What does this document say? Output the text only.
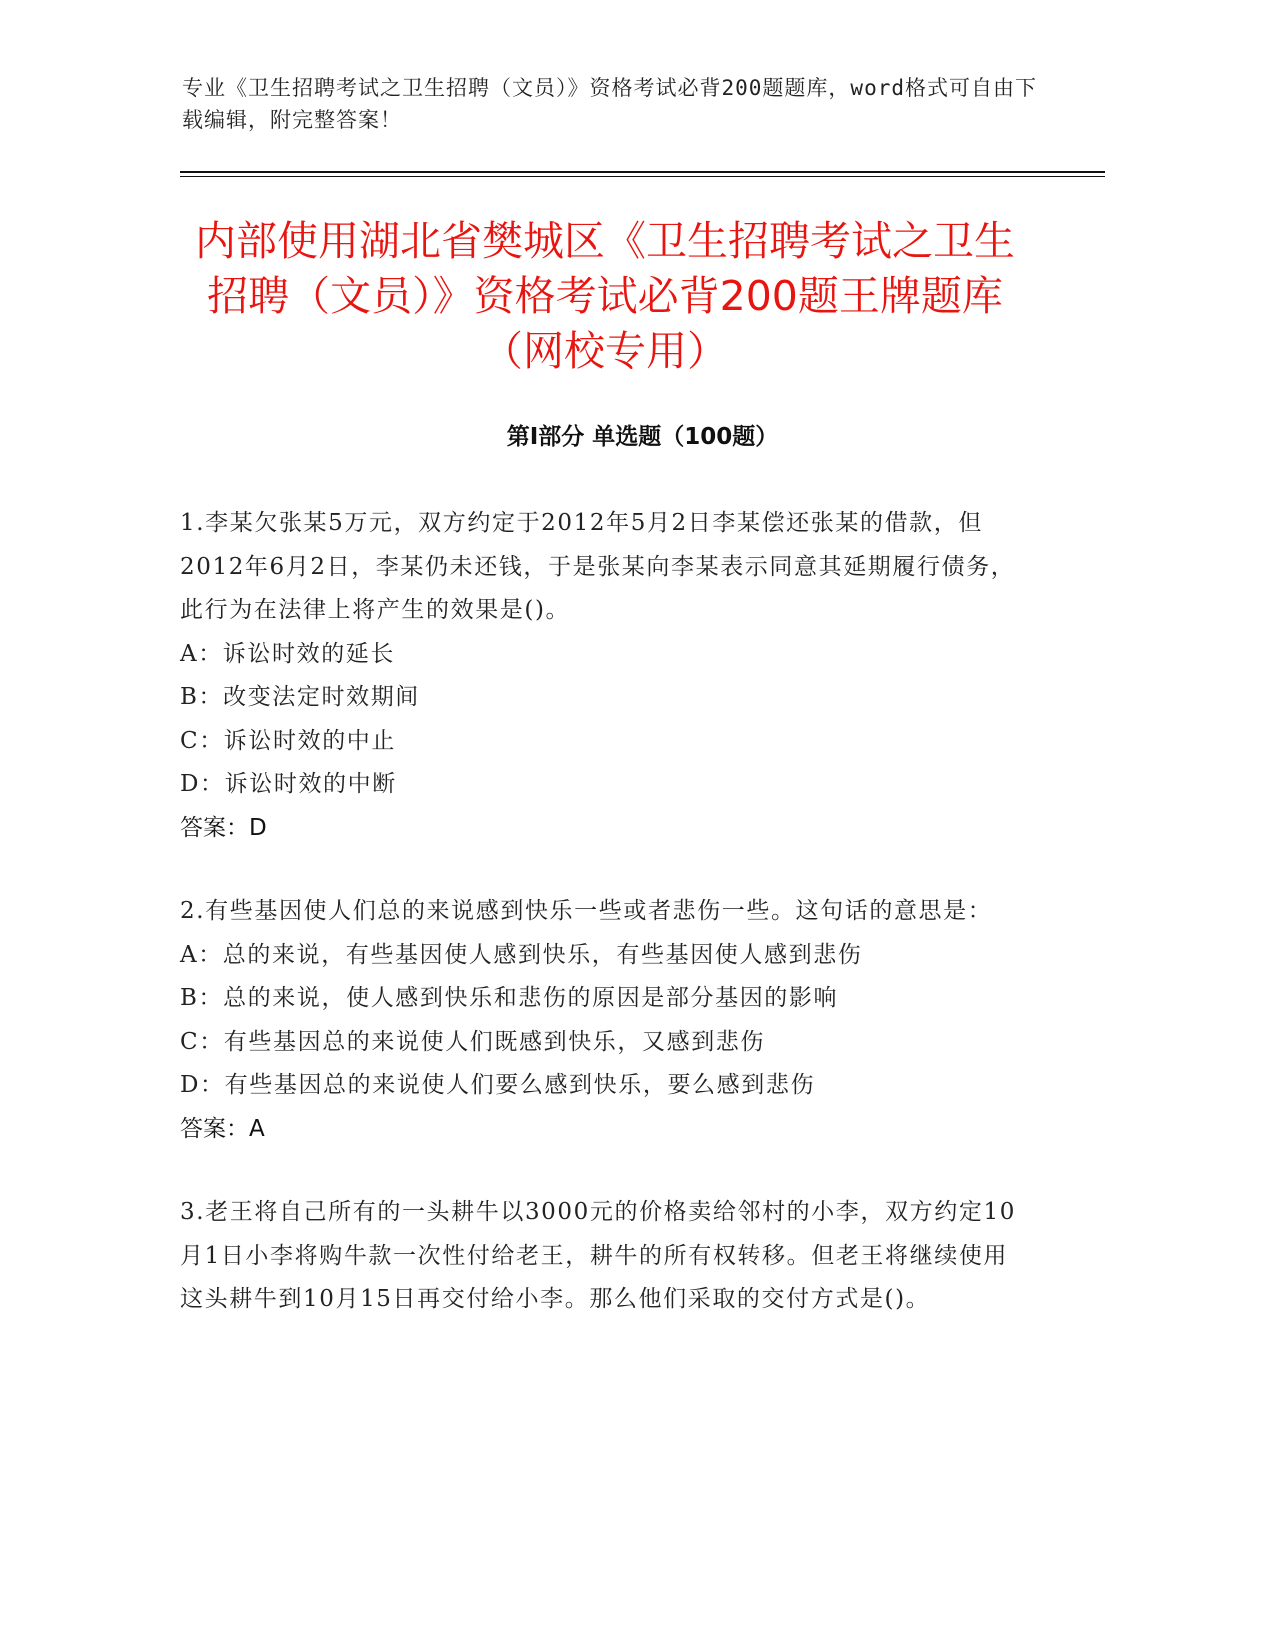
专业《卫生招聘考试之卫生招聘（文员）》资格考试必背200题题库，word格式可自由下载编辑，附完整答案！
内部使用湖北省樊城区《卫生招聘考试之卫生招聘（文员）》资格考试必背200题王牌题库（网校专用）
第Ⅰ部分 单选题（100题）
1.李某欠张某5万元，双方约定于2012年5月2日李某偿还张某的借款，但2012年6月2日，李某仍未还钱，于是张某向李某表示同意其延期履行债务，此行为在法律上将产生的效果是()。
A：诉讼时效的延长
B：改变法定时效期间
C：诉讼时效的中止
D：诉讼时效的中断
答案：D
2.有些基因使人们总的来说感到快乐一些或者悲伤一些。这句话的意思是：
A：总的来说，有些基因使人感到快乐，有些基因使人感到悲伤
B：总的来说，使人感到快乐和悲伤的原因是部分基因的影响
C：有些基因总的来说使人们既感到快乐，又感到悲伤
D：有些基因总的来说使人们要么感到快乐，要么感到悲伤
答案：A
3.老王将自己所有的一头耕牛以3000元的价格卖给邻村的小李，双方约定10月1日小李将购牛款一次性付给老王，耕牛的所有权转移。但老王将继续使用这头耕牛到10月15日再交付给小李。那么他们采取的交付方式是()。
